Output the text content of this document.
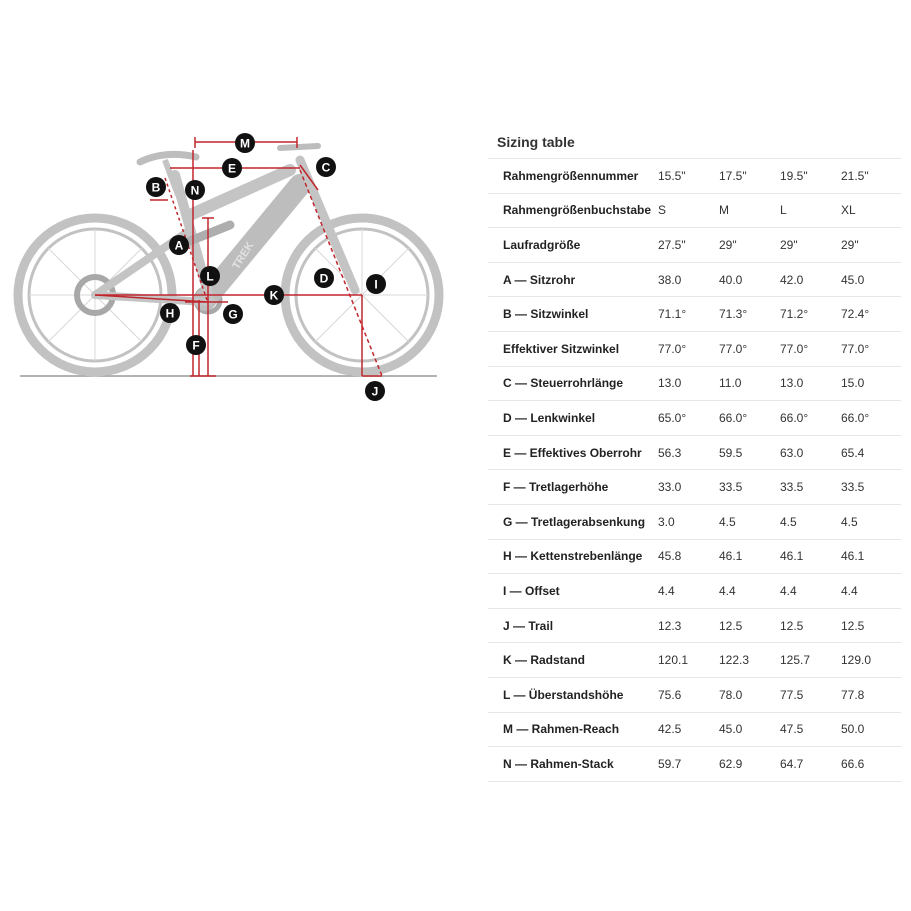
TREK
M
E	C
B	N
A
L	D	I
K
H	G
F
J
Sizing table
Rahmengrößennummer	15.5"	17.5"	19.5"	21.5"
Rahmengrößenbuchstabe S	M	L	XL
Laufradgröße	27.5"	29"	29"	29"
A — Sitzrohr	38.0	40.0	42.0	45.0
B — Sitzwinkel	71.1°	71.3°	71.2°	72.4°
Effektiver Sitzwinkel	77.0°	77.0°	77.0°	77.0°
C — Steuerrohrlänge	13.0	11.0	13.0	15.0
D — Lenkwinkel	65.0°	66.0°	66.0°	66.0°
E — Effektives Oberrohr	56.3	59.5	63.0	65.4
F — Tretlagerhöhe	33.0	33.5	33.5	33.5
G — Tretlagerabsenkung	3.0	4.5	4.5	4.5
H — Kettenstrebenlänge	45.8	46.1	46.1	46.1
I — Offset	4.4	4.4	4.4	4.4
J — Trail	12.3	12.5	12.5	12.5
K — Radstand	120.1	122.3	125.7	129.0
L — Überstandshöhe	75.6	78.0	77.5	77.8
M — Rahmen-Reach	42.5	45.0	47.5	50.0
N — Rahmen-Stack	59.7	62.9	64.7	66.6
